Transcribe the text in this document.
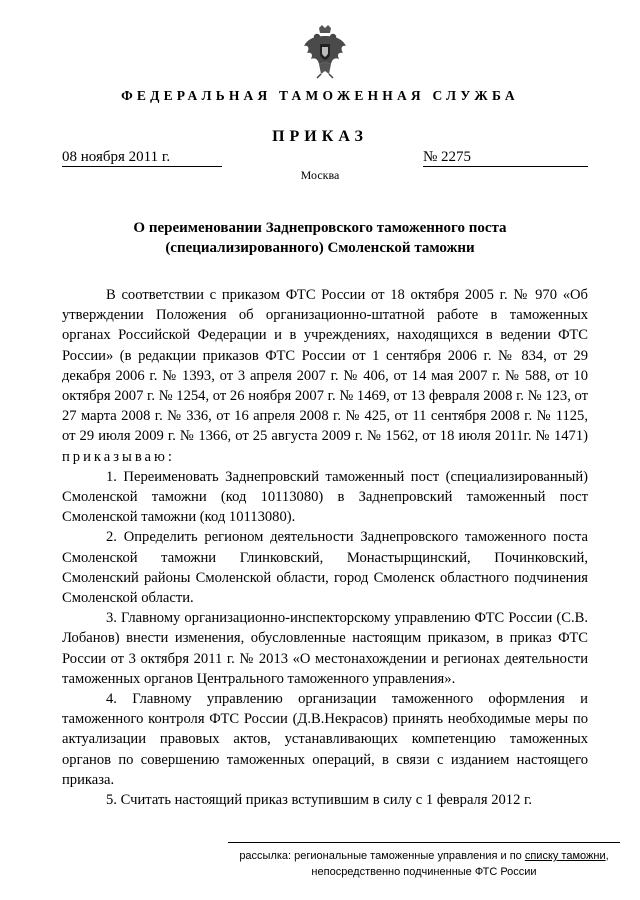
ФЕДЕРАЛЬНАЯ ТАМОЖЕННАЯ СЛУЖБА
ПРИКАЗ
08 ноября 2011 г.	№ 2275
Москва
О переименовании Заднепровского таможенного поста
(специализированного) Смоленской таможни

В соответствии с приказом ФТС России от 18 октября 2005 г. № 970 «Об утверждении Положения об организационно-штатной работе в таможенных органах Российской Федерации и в учреждениях, находящихся в ведении ФТС России» (в редакции приказов ФТС России от 1 сентября 2006 г. № 834, от 29 декабря 2006 г. № 1393, от 3 апреля 2007 г. № 406, от 14 мая 2007 г. № 588, от 10 октября 2007 г. № 1254, от 26 ноября 2007 г. № 1469, от 13 февраля 2008 г. № 123, от 27 марта 2008 г. № 336, от 16 апреля 2008 г. № 425, от 11 сентября 2008 г. № 1125, от 29 июля 2009 г. № 1366, от 25 августа 2009 г. № 1562, от 18 июля 2011г. № 1471) приказываю:

1. Переименовать Заднепровский таможенный пост (специализированный) Смоленской таможни (код 10113080) в Заднепровский таможенный пост Смоленской таможни (код 10113080).

2. Определить регионом деятельности Заднепровского таможенного поста Смоленской таможни Глинковский, Монастырщинский, Починковский, Смоленский районы Смоленской области, город Смоленск областного подчинения Смоленской области.

3. Главному организационно-инспекторскому управлению ФТС России (С.В. Лобанов) внести изменения, обусловленные настоящим приказом, в приказ ФТС России от 3 октября 2011 г. № 2013 «О местонахождении и регионах деятельности таможенных органов Центрального таможенного управления».

4. Главному управлению организации таможенного оформления и таможенного контроля ФТС России (Д.В.Некрасов) принять необходимые меры по актуализации правовых актов, устанавливающих компетенцию таможенных органов по совершению таможенных операций, в связи с изданием настоящего приказа.

5. Считать настоящий приказ вступившим в силу с 1 февраля 2012 г.

рассылка: региональные таможенные управления и по списку таможни,
непосредственно подчиненные ФТС России
